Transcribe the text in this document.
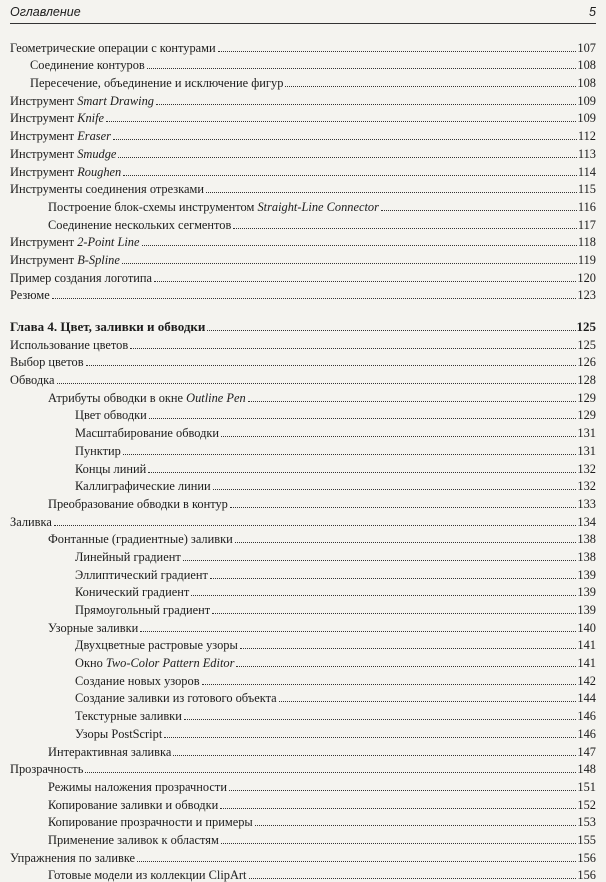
Оглавление	5
Геометрические операции с контурами	107
Соединение контуров	108
Пересечение, объединение и исключение фигур	108
Инструмент Smart Drawing	109
Инструмент Knife	109
Инструмент Eraser	112
Инструмент Smudge	113
Инструмент Roughen	114
Инструменты соединения отрезками	115
Построение блок-схемы инструментом Straight-Line Connector	116
Соединение нескольких сегментов	117
Инструмент 2-Point Line	118
Инструмент B-Spline	119
Пример создания логотипа	120
Резюме	123
Глава 4. Цвет, заливки и обводки	125
Использование цветов	125
Выбор цветов	126
Обводка	128
Атрибуты обводки в окне Outline Pen	129
Цвет обводки	129
Масштабирование обводки	131
Пунктир	131
Концы линий	132
Каллиграфические линии	132
Преобразование обводки в контур	133
Заливка	134
Фонтанные (градиентные) заливки	138
Линейный градиент	138
Эллиптический градиент	139
Конический градиент	139
Прямоугольный градиент	139
Узорные заливки	140
Двухцветные растровые узоры	141
Окно Two-Color Pattern Editor	141
Создание новых узоров	142
Создание заливки из готового объекта	144
Текстурные заливки	146
Узоры PostScript	146
Интерактивная заливка	147
Прозрачность	148
Режимы наложения прозрачности	151
Копирование заливки и обводки	152
Копирование прозрачности и примеры	153
Применение заливок к областям	155
Упражнения по заливке	156
Готовые модели из коллекции ClipArt	156
